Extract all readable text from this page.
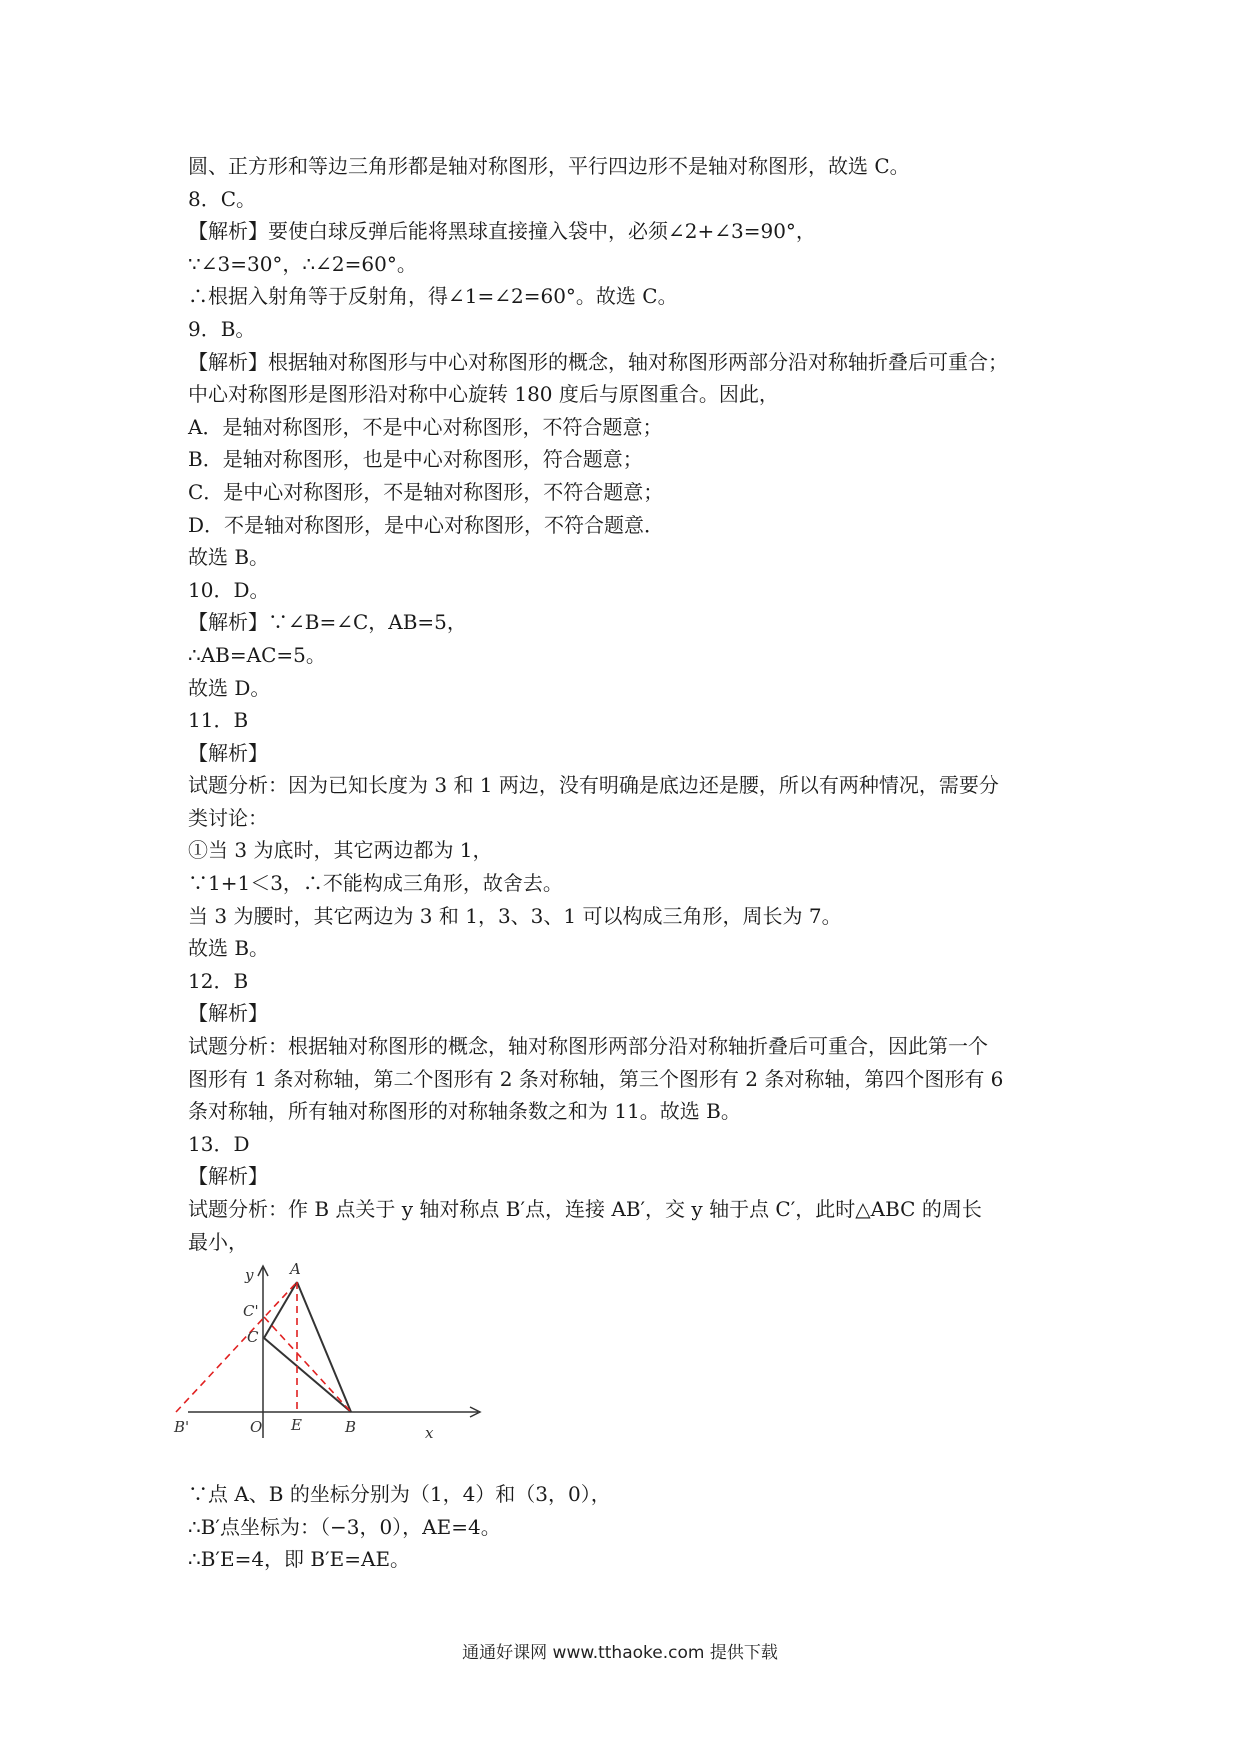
圆、正方形和等边三角形都是轴对称图形，平行四边形不是轴对称图形，故选 C。
8．C。
【解析】要使白球反弹后能将黑球直接撞入袋中，必须∠2+∠3=90°，
∵∠3=30°，∴∠2=60°。
∴根据入射角等于反射角，得∠1=∠2=60°。故选 C。
9．B。
【解析】根据轴对称图形与中心对称图形的概念，轴对称图形两部分沿对称轴折叠后可重合；
中心对称图形是图形沿对称中心旋转 180 度后与原图重合。因此，
A．是轴对称图形，不是中心对称图形，不符合题意；
B．是轴对称图形，也是中心对称图形，符合题意；
C．是中心对称图形，不是轴对称图形，不符合题意；
D．不是轴对称图形，是中心对称图形，不符合题意．
故选 B。
10．D。
【解析】∵∠B=∠C，AB=5，
∴AB=AC=5。
故选 D。
11．B
【解析】
试题分析：因为已知长度为 3 和 1 两边，没有明确是底边还是腰，所以有两种情况，需要分
类讨论：
①当 3 为底时，其它两边都为 1，
∵1+1＜3，∴不能构成三角形，故舍去。
当 3 为腰时，其它两边为 3 和 1，3、3、1 可以构成三角形，周长为 7。
故选 B。
12．B
【解析】
试题分析：根据轴对称图形的概念，轴对称图形两部分沿对称轴折叠后可重合，因此第一个
图形有 1 条对称轴，第二个图形有 2 条对称轴，第三个图形有 2 条对称轴，第四个图形有 6
条对称轴，所有轴对称图形的对称轴条数之和为 11。故选 B。
13．D
【解析】
试题分析：作 B 点关于 y 轴对称点 B′点，连接 AB′，交 y 轴于点 C′，此时△ABC 的周长
最小，
y A
C'
C
B'	O E	B	x
∵点 A、B 的坐标分别为（1，4）和（3，0），
∴B′点坐标为：（−3，0），AE=4。
∴B′E=4，即 B′E=AE。
通通好课网 www.tthaoke.com 提供下载
